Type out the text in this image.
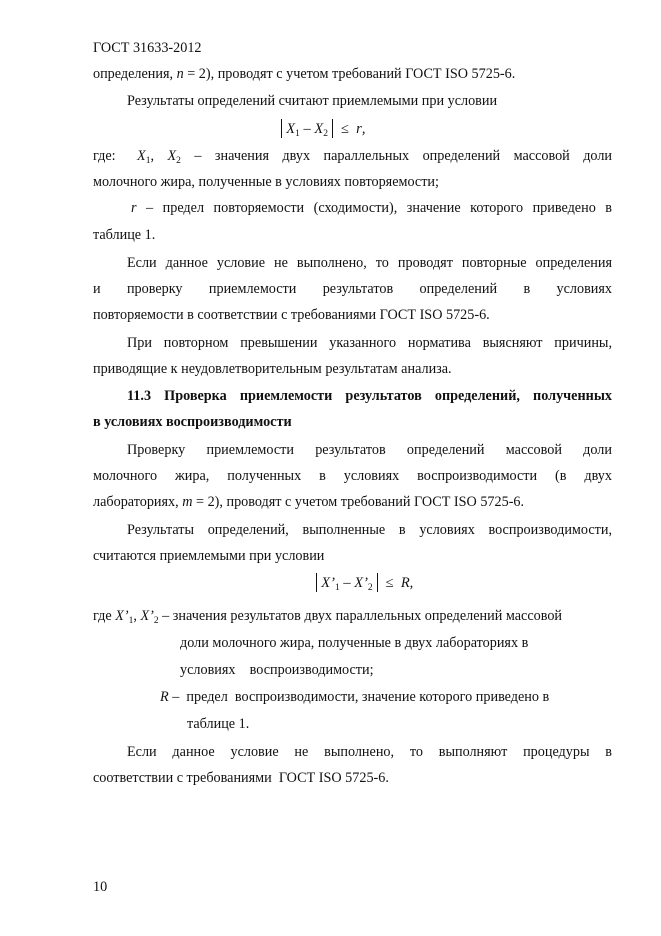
ГОСТ 31633-2012
определения, n = 2), проводят с учетом требований ГОСТ ISO 5725-6.
Результаты определений считают приемлемыми при условии
$X_1 - X_2 \le r$,
где: $X_1$, $X_2$ – значения двух параллельных определений массовой доли
молочного жира, полученные в условиях повторяемости;
r – предел повторяемости (сходимости), значение которого приведено в
таблице 1.
Если данное условие не выполнено, то проводят повторные определения
и проверку приемлемости результатов определений в условиях
повторяемости в соответствии с требованиями ГОСТ ISO 5725-6.
При повторном превышении указанного норматива выясняют причины,
приводящие к неудовлетворительным результатам анализа.
11.3 Проверка приемлемости результатов определений, полученных
в условиях воспроизводимости
Проверку приемлемости результатов определений массовой доли
молочного жира, полученных в условиях воспроизводимости (в двух
лабораториях, m = 2), проводят с учетом требований ГОСТ ISO 5725-6.
Результаты определений, выполненные в условиях воспроизводимости,
считаются приемлемыми при условии
$X’_1$ – $X’_2 \le R$,
где $X’_1$, $X’_2$ – значения результатов двух параллельных определений массовой
доли молочного жира, полученные в двух лабораториях в
условиях    воспроизводимости;
R –  предел  воспроизводимости, значение которого приведено в
таблице 1.
Если данное условие не выполнено, то выполняют процедуры в
соответствии с требованиями  ГОСТ ISO 5725-6.
10
